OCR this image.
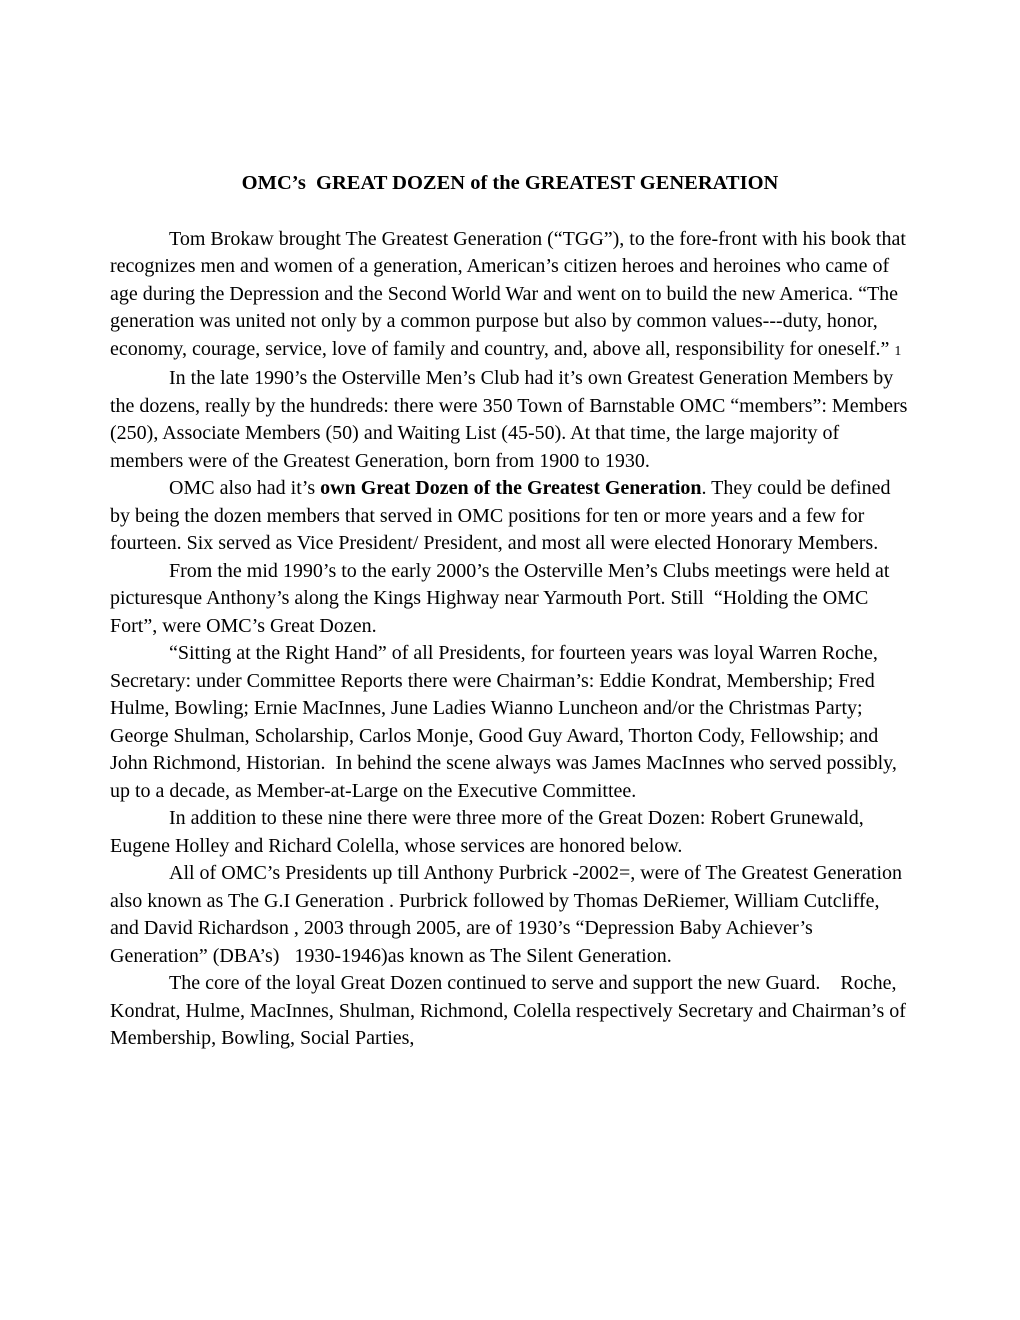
OMC’s  GREAT DOZEN of the GREATEST GENERATION

Tom Brokaw brought The Greatest Generation (“TGG”), to the fore-front with his book that recognizes men and women of a generation, American’s citizen heroes and heroines who came of age during the Depression and the Second World War and went on to build the new America. “The generation was united not only by a common purpose but also by common values---duty, honor, economy, courage, service, love of family and country, and, above all, responsibility for oneself.” 1

In the late 1990’s the Osterville Men’s Club had it’s own Greatest Generation Members by the dozens, really by the hundreds: there were 350 Town of Barnstable OMC “members”: Members (250), Associate Members (50) and Waiting List (45-50). At that time, the large majority of members were of the Greatest Generation, born from 1900 to 1930.

OMC also had it’s own Great Dozen of the Greatest Generation. They could be defined by being the dozen members that served in OMC positions for ten or more years and a few for fourteen. Six served as Vice President/ President, and most all were elected Honorary Members.

From the mid 1990’s to the early 2000’s the Osterville Men’s Clubs meetings were held at picturesque Anthony’s along the Kings Highway near Yarmouth Port. Still  “Holding the OMC Fort”, were OMC’s Great Dozen.

“Sitting at the Right Hand” of all Presidents, for fourteen years was loyal Warren Roche, Secretary: under Committee Reports there were Chairman’s: Eddie Kondrat, Membership; Fred Hulme, Bowling; Ernie MacInnes, June Ladies Wianno Luncheon and/or the Christmas Party; George Shulman, Scholarship, Carlos Monje, Good Guy Award, Thorton Cody, Fellowship; and John Richmond, Historian.  In behind the scene always was James MacInnes who served possibly, up to a decade, as Member-at-Large on the Executive Committee.

In addition to these nine there were three more of the Great Dozen: Robert Grunewald, Eugene Holley and Richard Colella, whose services are honored below.

All of OMC’s Presidents up till Anthony Purbrick -2002=, were of The Greatest Generation also known as The G.I Generation . Purbrick followed by Thomas DeRiemer, William Cutcliffe, and David Richardson , 2003 through 2005, are of 1930’s “Depression Baby Achiever’s Generation” (DBA’s)   1930-1946)as known as The Silent Generation.

The core of the loyal Great Dozen continued to serve and support the new Guard.    Roche, Kondrat, Hulme, MacInnes, Shulman, Richmond, Colella respectively Secretary and Chairman’s of Membership, Bowling, Social Parties,
